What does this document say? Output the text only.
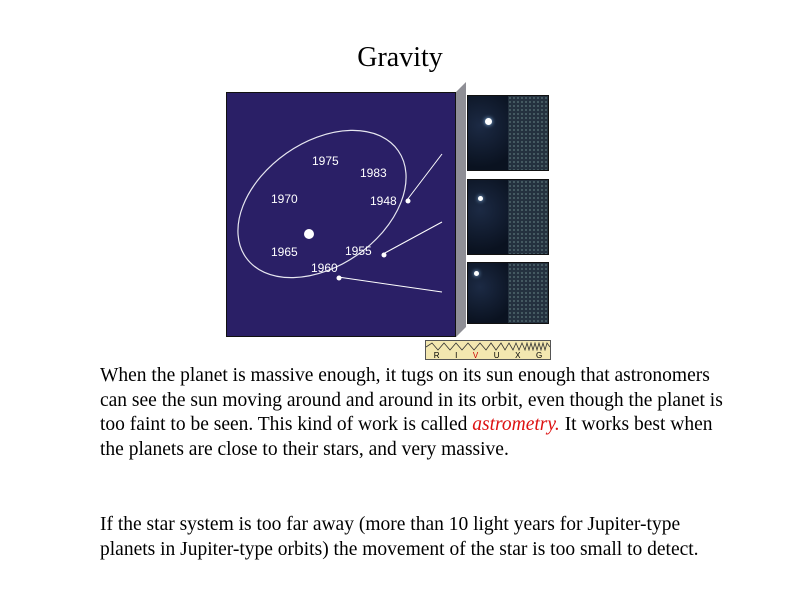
Gravity
1975
1983
1970	1948
1965	1955
1960
R I V U X G
When the planet is massive enough, it tugs on its sun enough that astronomers can see the sun moving around and around in its orbit, even though the planet is too faint to be seen. This kind of work is called astrometry. It works best when the planets are close to their stars, and very massive.
If the star system is too far away (more than 10 light years for Jupiter-type planets in Jupiter-type orbits) the movement of the star is too small to detect.
